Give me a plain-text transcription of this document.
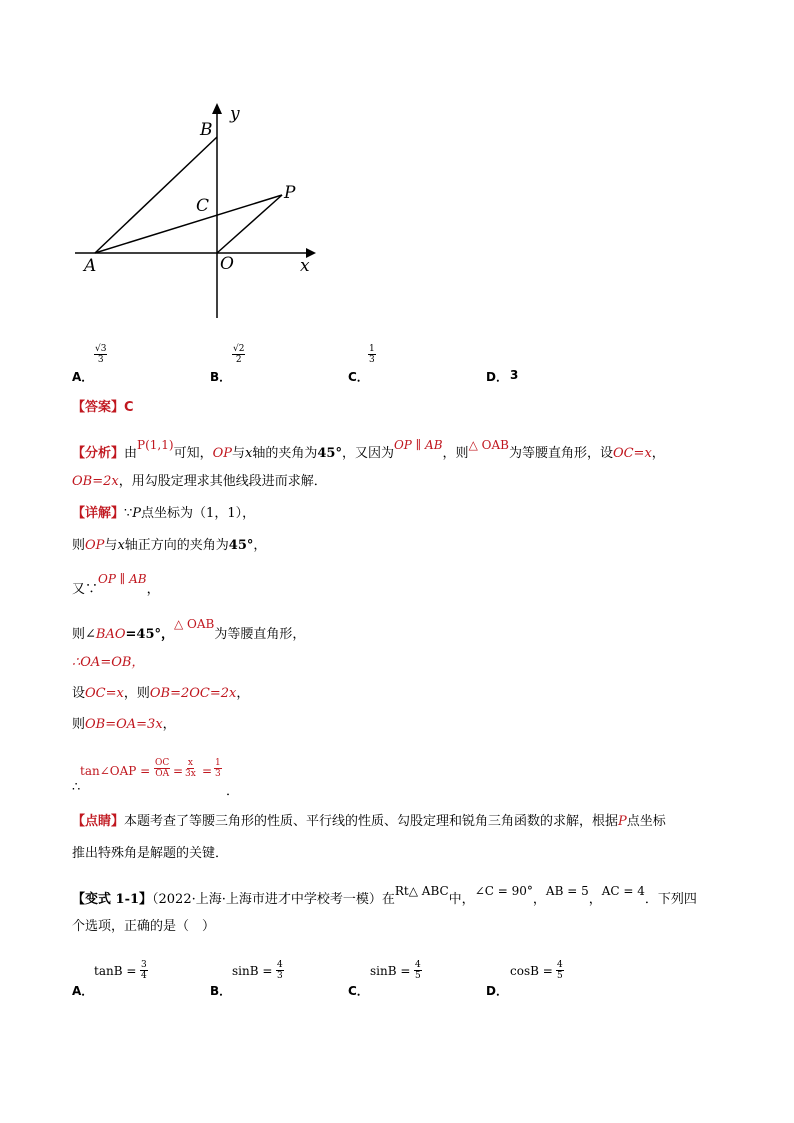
y
x
B
C
P
A	O
A．
$\frac{√3}{3}$
B．
$\frac{√2}{2}$
C．
$\frac{1}{3}$
D． 3
【答案】C
【分析】由P(1,1)可知，OP与x轴的夹角为45°，又因为OP ∥ AB，则△ OAB为等腰直角形，设OC=x，
OB=2x，用勾股定理求其他线段进而求解．
【详解】∵P点坐标为（1，1），
则OP与x轴正方向的夹角为45°，
又∵OP ∥ AB，
则∠BAO=45°，△ OAB为等腰直角形，
∴OA=OB，
设OC=x，则OB=2OC=2x，
则OB=OA=3x，
tan∠OAP = $\frac{OC}{OA} = \frac{x}{3x} = \frac{1}{3}$
∴	．
【点睛】本题考查了等腰三角形的性质、平行线的性质、勾股定理和锐角三角函数的求解，根据P点坐标
推出特殊角是解题的关键．
【变式 1-1】（2022·上海·上海市进才中学校考一模）在Rt△ ABC中，∠C = 90°，AB = 5，AC = 4．下列四
个选项，正确的是（　）
A．
$\tan B = \frac{3}{4}$
B．
$\sin B = \frac{4}{3}$
C．
$\sin B = \frac{4}{5}$
D．
$\cos B = \frac{4}{5}$
